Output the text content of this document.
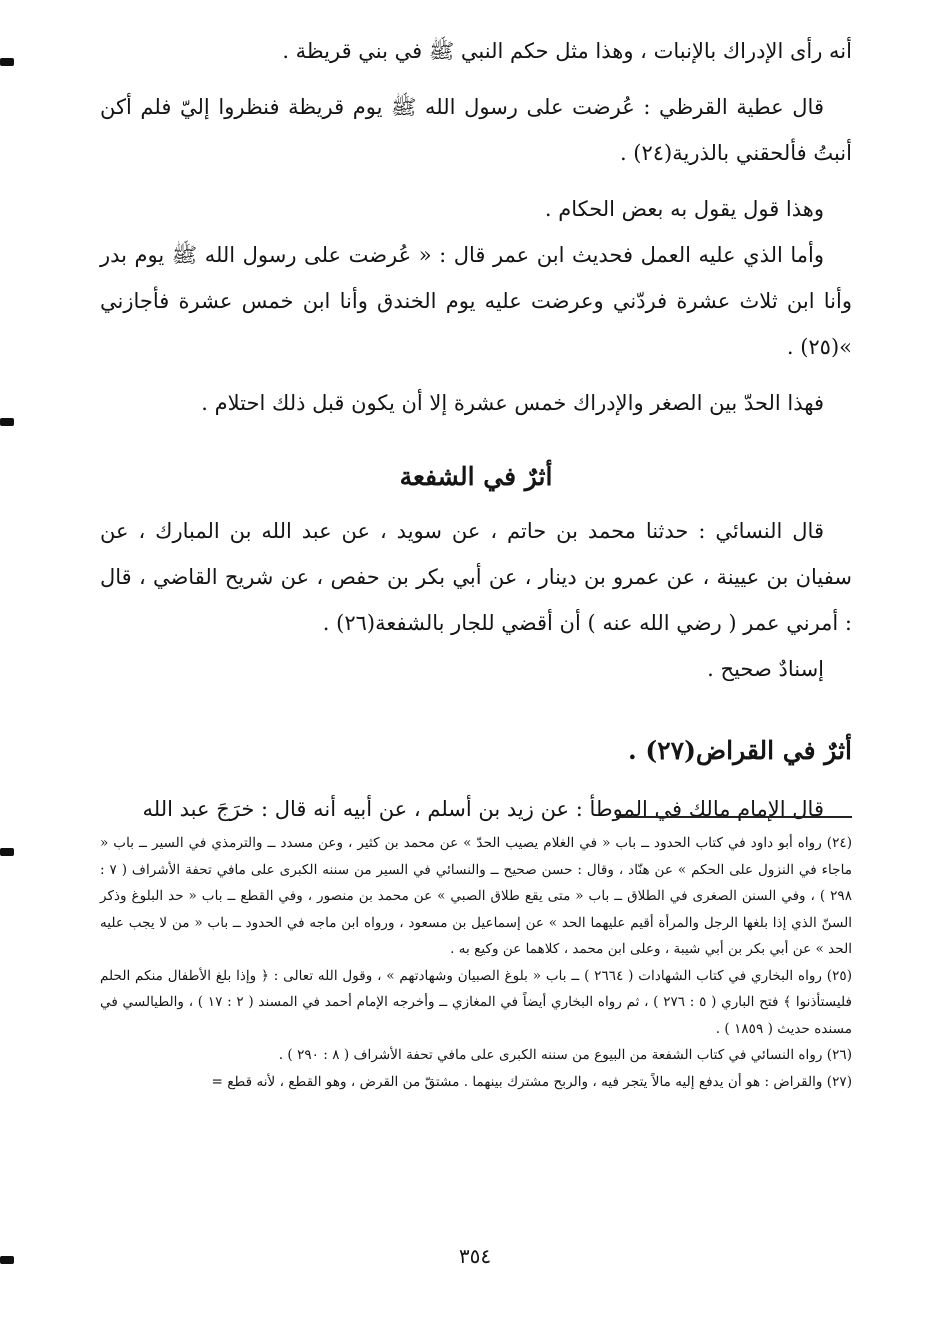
أنه رأى الإدراك بالإنبات ، وهذا مثل حكم النبي ﷺ في بني قريظة .

قال عطية القرظي : عُرضت على رسول الله ﷺ يوم قريظة فنظروا إليّ فلم أكن أنبتُ فألحقني بالذرية(٢٤) .

وهذا قول يقول به بعض الحكام .

وأما الذي عليه العمل فحديث ابن عمر قال : « عُرضت على رسول الله ﷺ يوم بدر وأنا ابن ثلاث عشرة فردّني وعرضت عليه يوم الخندق وأنا ابن خمس عشرة فأجازني »(٢٥) .

فهذا الحدّ بين الصغر والإدراك خمس عشرة إلا أن يكون قبل ذلك احتلام .

أثرٌ في الشفعة

قال النسائي : حدثنا محمد بن حاتم ، عن سويد ، عن عبد الله بن المبارك ، عن سفيان بن عيينة ، عن عمرو بن دينار ، عن أبي بكر بن حفص ، عن شريح القاضي ، قال : أمرني عمر ( رضي الله عنه ) أن أقضي للجار بالشفعة(٢٦) .

إسنادٌ صحيح .

أثرٌ في القراض(٢٧) .

قال الإمام مالك في الموطأ : عن زيد بن أسلم ، عن أبيه أنه قال : خرَجَ عبد الله

(٢٤) رواه أبو داود في كتاب الحدود ــ باب « في الغلام يصيب الحدّ » عن محمد بن كثير ، وعن مسدد ــ والترمذي في السير ــ باب « ماجاء في النزول على الحكم » عن هنّاد ، وقال : حسن صحيح ــ والنسائي في السير من سننه الكبرى على مافي تحفة الأشراف ( ٧ : ٢٩٨ ) ، وفي السنن الصغرى في الطلاق ــ باب « متى يقع طلاق الصبي » عن محمد بن منصور ، وفي القطع ــ باب « حد البلوغ وذكر السنّ الذي إذا بلغها الرجل والمرأة أقيم عليهما الحد » عن إسماعيل بن مسعود ، ورواه ابن ماجه في الحدود ــ باب « من لا يجب عليه الحد » عن أبي بكر بن أبي شيبة ، وعلى ابن محمد ، كلاهما عن وكيع به .

(٢٥) رواه البخاري في كتاب الشهادات ( ٢٦٦٤ ) ــ باب « بلوغ الصبيان وشهادتهم » ، وقول الله تعالى : ﴿ وإذا بلغ الأطفال منكم الحلم فليستأذنوا ﴾ فتح الباري ( ٥ : ٢٧٦ ) ، ثم رواه البخاري أيضاً في المغازي ــ وأخرجه الإمام أحمد في المسند ( ٢ : ١٧ ) ، والطيالسي في مسنده حديث ( ١٨٥٩ ) .

(٢٦) رواه النسائي في كتاب الشفعة من البيوع من سننه الكبرى على مافي تحفة الأشراف ( ٨ : ٢٩٠ ) .

(٢٧) والقراض : هو أن يدفع إليه مالاً يتجر فيه ، والربح مشترك بينهما . مشتقّ من القرض ، وهو القطع ، لأنه قطع =

٣٥٤
